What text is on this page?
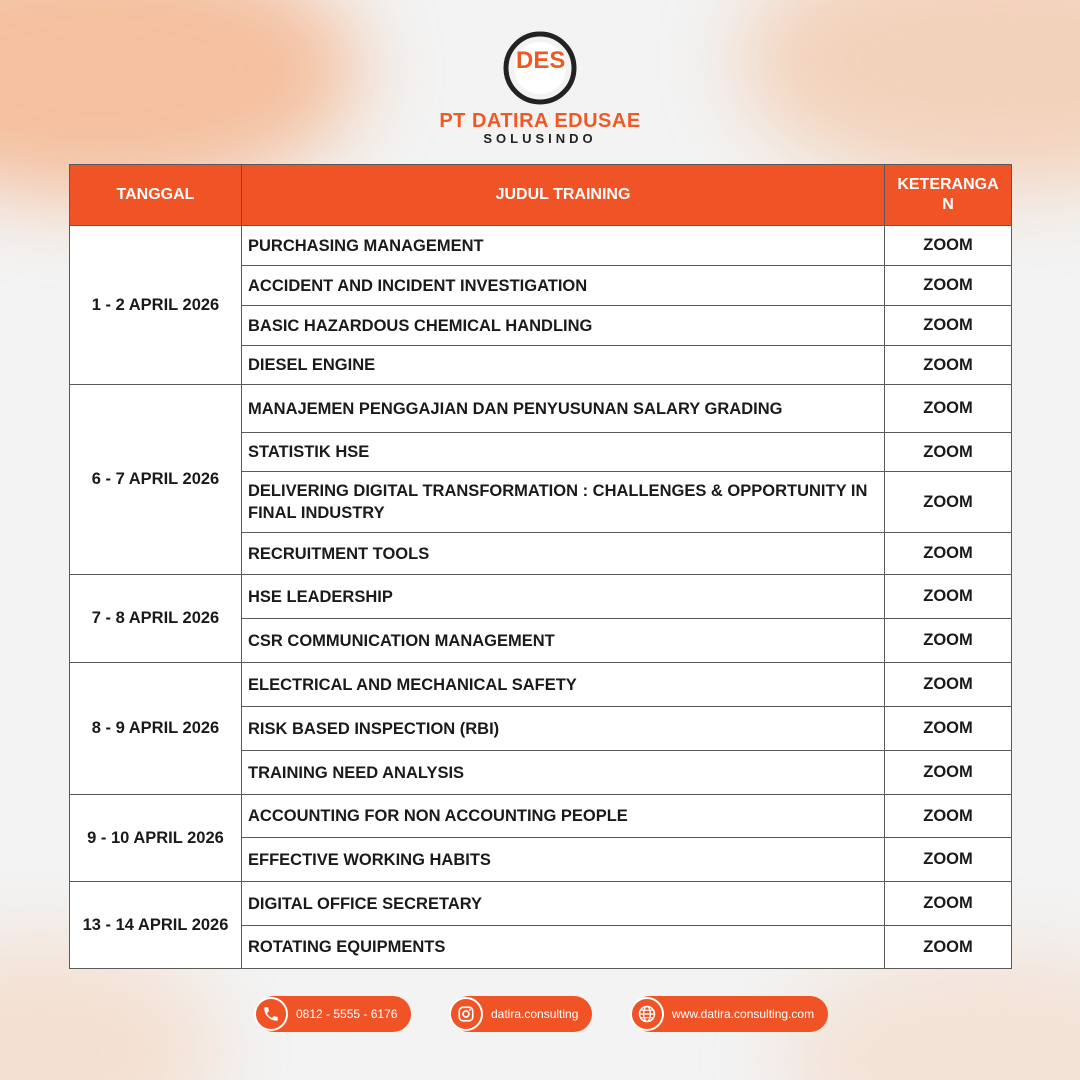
DES
PT DATIRA EDUSAE
SOLUSINDO
TANGGAL	JUDUL TRAINING	KETERANGAN
1 - 2 APRIL 2026	PURCHASING MANAGEMENT	ZOOM
	ACCIDENT AND INCIDENT INVESTIGATION	ZOOM
	BASIC HAZARDOUS CHEMICAL HANDLING	ZOOM
	DIESEL ENGINE	ZOOM
6 - 7 APRIL 2026	MANAJEMEN PENGGAJIAN DAN PENYUSUNAN SALARY GRADING	ZOOM
	STATISTIK HSE	ZOOM
	DELIVERING DIGITAL TRANSFORMATION : CHALLENGES & OPPORTUNITY IN FINAL INDUSTRY	ZOOM
	RECRUITMENT TOOLS	ZOOM
7 - 8 APRIL 2026	HSE LEADERSHIP	ZOOM
	CSR COMMUNICATION MANAGEMENT	ZOOM
8 - 9 APRIL 2026	ELECTRICAL AND MECHANICAL SAFETY	ZOOM
	RISK BASED INSPECTION (RBI)	ZOOM
	TRAINING NEED ANALYSIS	ZOOM
9 - 10 APRIL 2026	ACCOUNTING FOR NON ACCOUNTING PEOPLE	ZOOM
	EFFECTIVE WORKING HABITS	ZOOM
13 - 14 APRIL 2026	DIGITAL OFFICE SECRETARY	ZOOM
	ROTATING EQUIPMENTS	ZOOM
0812 - 5555 - 6176	datira.consulting	www.datira.consulting.com
